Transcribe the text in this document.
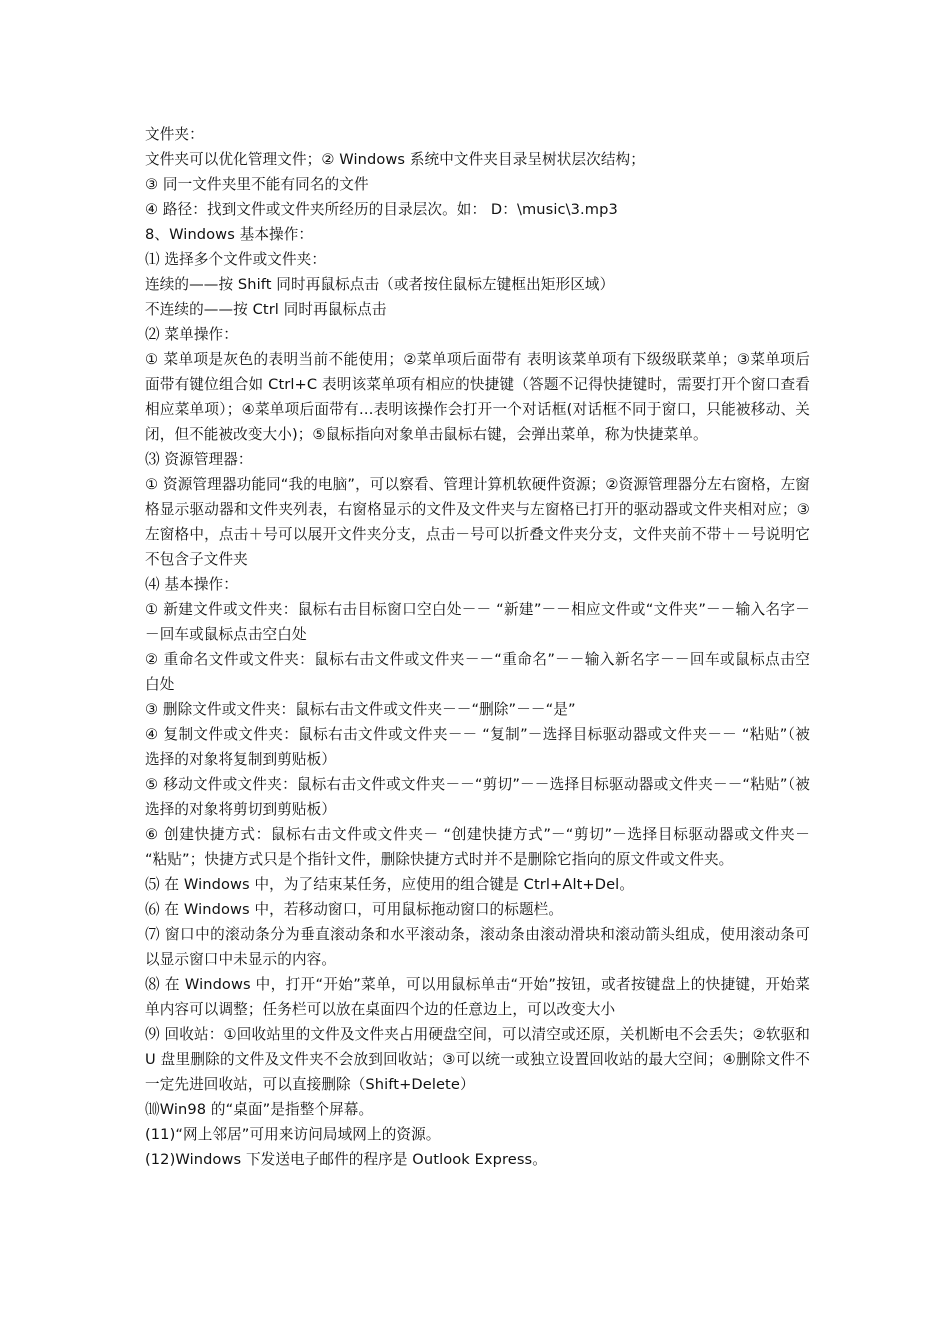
文件夹：

文件夹可以优化管理文件；② Windows 系统中文件夹目录呈树状层次结构；

③ 同一文件夹里不能有同名的文件

④ 路径：找到文件或文件夹所经历的目录层次。如： D：\music\3.mp3

8、Windows 基本操作：

⑴ 选择多个文件或文件夹：

连续的——按 Shift 同时再鼠标点击（或者按住鼠标左键框出矩形区域）

不连续的——按 Ctrl 同时再鼠标点击

⑵ 菜单操作：

① 菜单项是灰色的表明当前不能使用；②菜单项后面带有 表明该菜单项有下级级联菜单；③菜单项后面带有键位组合如 Ctrl+C 表明该菜单项有相应的快捷键（答题不记得快捷键时，需要打开个窗口查看相应菜单项）；④菜单项后面带有…表明该操作会打开一个对话框(对话框不同于窗口，只能被移动、关闭，但不能被改变大小)；⑤鼠标指向对象单击鼠标右键，会弹出菜单，称为快捷菜单。

⑶ 资源管理器：

① 资源管理器功能同“我的电脑”，可以察看、管理计算机软硬件资源；②资源管理器分左右窗格，左窗格显示驱动器和文件夹列表，右窗格显示的文件及文件夹与左窗格已打开的驱动器或文件夹相对应；③左窗格中，点击＋号可以展开文件夹分支，点击－号可以折叠文件夹分支，文件夹前不带＋－号说明它不包含子文件夹

⑷ 基本操作：

① 新建文件或文件夹：鼠标右击目标窗口空白处－－ “新建”－－相应文件或“文件夹”－－输入名字－－回车或鼠标点击空白处

② 重命名文件或文件夹：鼠标右击文件或文件夹－－“重命名”－－输入新名字－－回车或鼠标点击空白处

③ 删除文件或文件夹：鼠标右击文件或文件夹－－“删除”－－“是”

④ 复制文件或文件夹：鼠标右击文件或文件夹－－ “复制”－选择目标驱动器或文件夹－－ “粘贴”（被选择的对象将复制到剪贴板）

⑤ 移动文件或文件夹：鼠标右击文件或文件夹－－“剪切”－－选择目标驱动器或文件夹－－“粘贴”（被选择的对象将剪切到剪贴板）

⑥ 创建快捷方式：鼠标右击文件或文件夹－ “创建快捷方式”－“剪切”－选择目标驱动器或文件夹－ “粘贴”；快捷方式只是个指针文件，删除快捷方式时并不是删除它指向的原文件或文件夹。

⑸ 在 Windows 中，为了结束某任务，应使用的组合键是 Ctrl+Alt+Del。

⑹ 在 Windows 中，若移动窗口，可用鼠标拖动窗口的标题栏。

⑺ 窗口中的滚动条分为垂直滚动条和水平滚动条，滚动条由滚动滑块和滚动箭头组成，使用滚动条可以显示窗口中未显示的内容。

⑻ 在 Windows 中，打开“开始”菜单，可以用鼠标单击“开始”按钮，或者按键盘上的快捷键，开始菜单内容可以调整；任务栏可以放在桌面四个边的任意边上，可以改变大小

⑼ 回收站：①回收站里的文件及文件夹占用硬盘空间，可以清空或还原，关机断电不会丢失；②软驱和 U 盘里删除的文件及文件夹不会放到回收站；③可以统一或独立设置回收站的最大空间；④删除文件不一定先进回收站，可以直接删除（Shift+Delete）

⑽Win98 的“桌面”是指整个屏幕。

(11)“网上邻居”可用来访问局域网上的资源。

(12)Windows 下发送电子邮件的程序是 Outlook Express。
